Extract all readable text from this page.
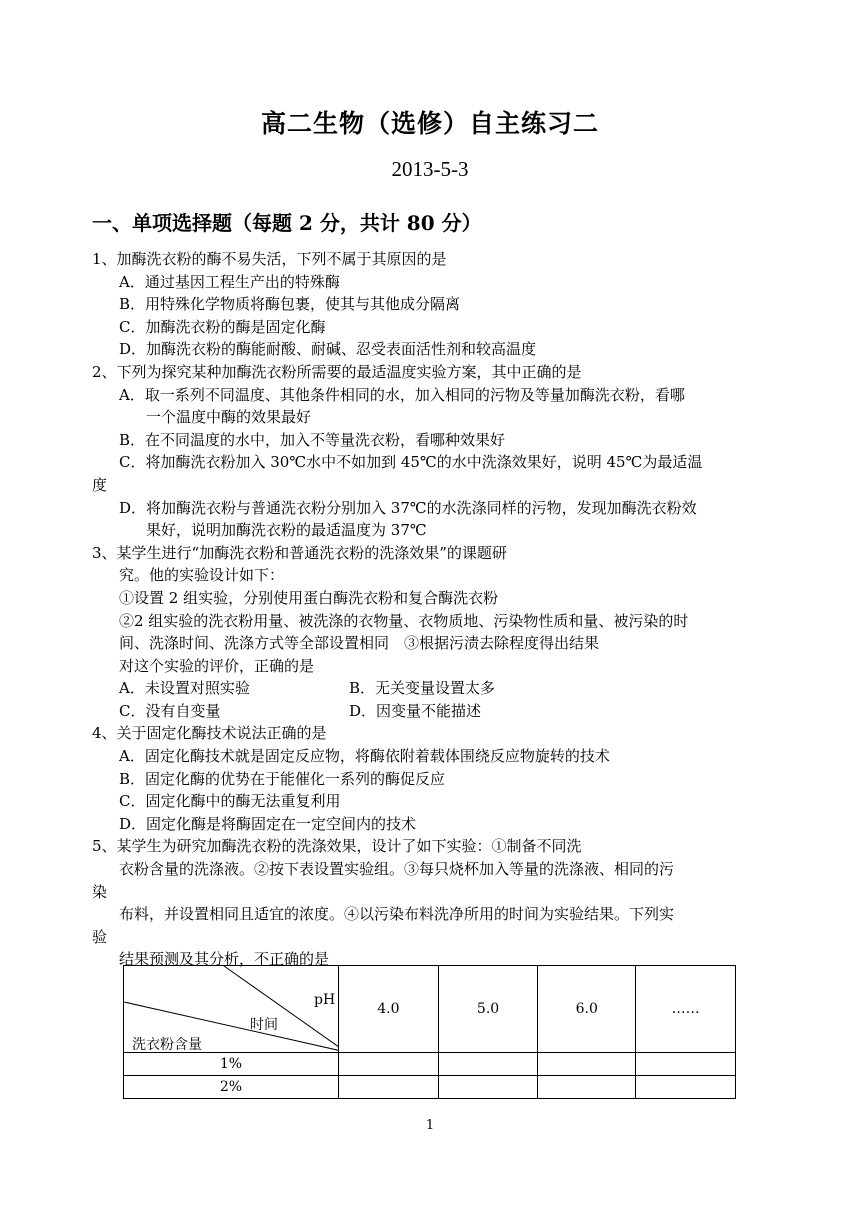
高二生物（选修）自主练习二
2013-5-3
一、单项选择题（每题 2 分，共计 80 分）
1、加酶洗衣粉的酶不易失活，下列不属于其原因的是
A．通过基因工程生产出的特殊酶
B．用特殊化学物质将酶包裹，使其与其他成分隔离
C．加酶洗衣粉的酶是固定化酶
D．加酶洗衣粉的酶能耐酸、耐碱、忍受表面活性剂和较高温度
2、下列为探究某种加酶洗衣粉所需要的最适温度实验方案，其中正确的是
A．取一系列不同温度、其他条件相同的水，加入相同的污物及等量加酶洗衣粉，看哪
一个温度中酶的效果最好
B．在不同温度的水中，加入不等量洗衣粉，看哪种效果好
C．将加酶洗衣粉加入 30℃水中不如加到 45℃的水中洗涤效果好，说明 45℃为最适温
度
D．将加酶洗衣粉与普通洗衣粉分别加入 37℃的水洗涤同样的污物，发现加酶洗衣粉效
果好，说明加酶洗衣粉的最适温度为 37℃
3、某学生进行“加酶洗衣粉和普通洗衣粉的洗涤效果”的课题研
究。他的实验设计如下：
①设置 2 组实验，分别使用蛋白酶洗衣粉和复合酶洗衣粉
②2 组实验的洗衣粉用量、被洗涤的衣物量、衣物质地、污染物性质和量、被污染的时
间、洗涤时间、洗涤方式等全部设置相同　③根据污渍去除程度得出结果
对这个实验的评价，正确的是
A．未设置对照实验	B．无关变量设置太多
C．没有自变量	D．因变量不能描述
4、关于固定化酶技术说法正确的是
A．固定化酶技术就是固定反应物，将酶依附着载体围绕反应物旋转的技术
B．固定化酶的优势在于能催化一系列的酶促反应
C．固定化酶中的酶无法重复利用
D．固定化酶是将酶固定在一定空间内的技术
5、某学生为研究加酶洗衣粉的洗涤效果，设计了如下实验：①制备不同洗
衣粉含量的洗涤液。②按下表设置实验组。③每只烧杯加入等量的洗涤液、相同的污
染
布料，并设置相同且适宜的浓度。④以污染布料洗净所用的时间为实验结果。下列实
验
结果预测及其分析，不正确的是
pH
时间
洗衣粉含量	4.0	5.0	6.0	……
1%				
2%				
1
